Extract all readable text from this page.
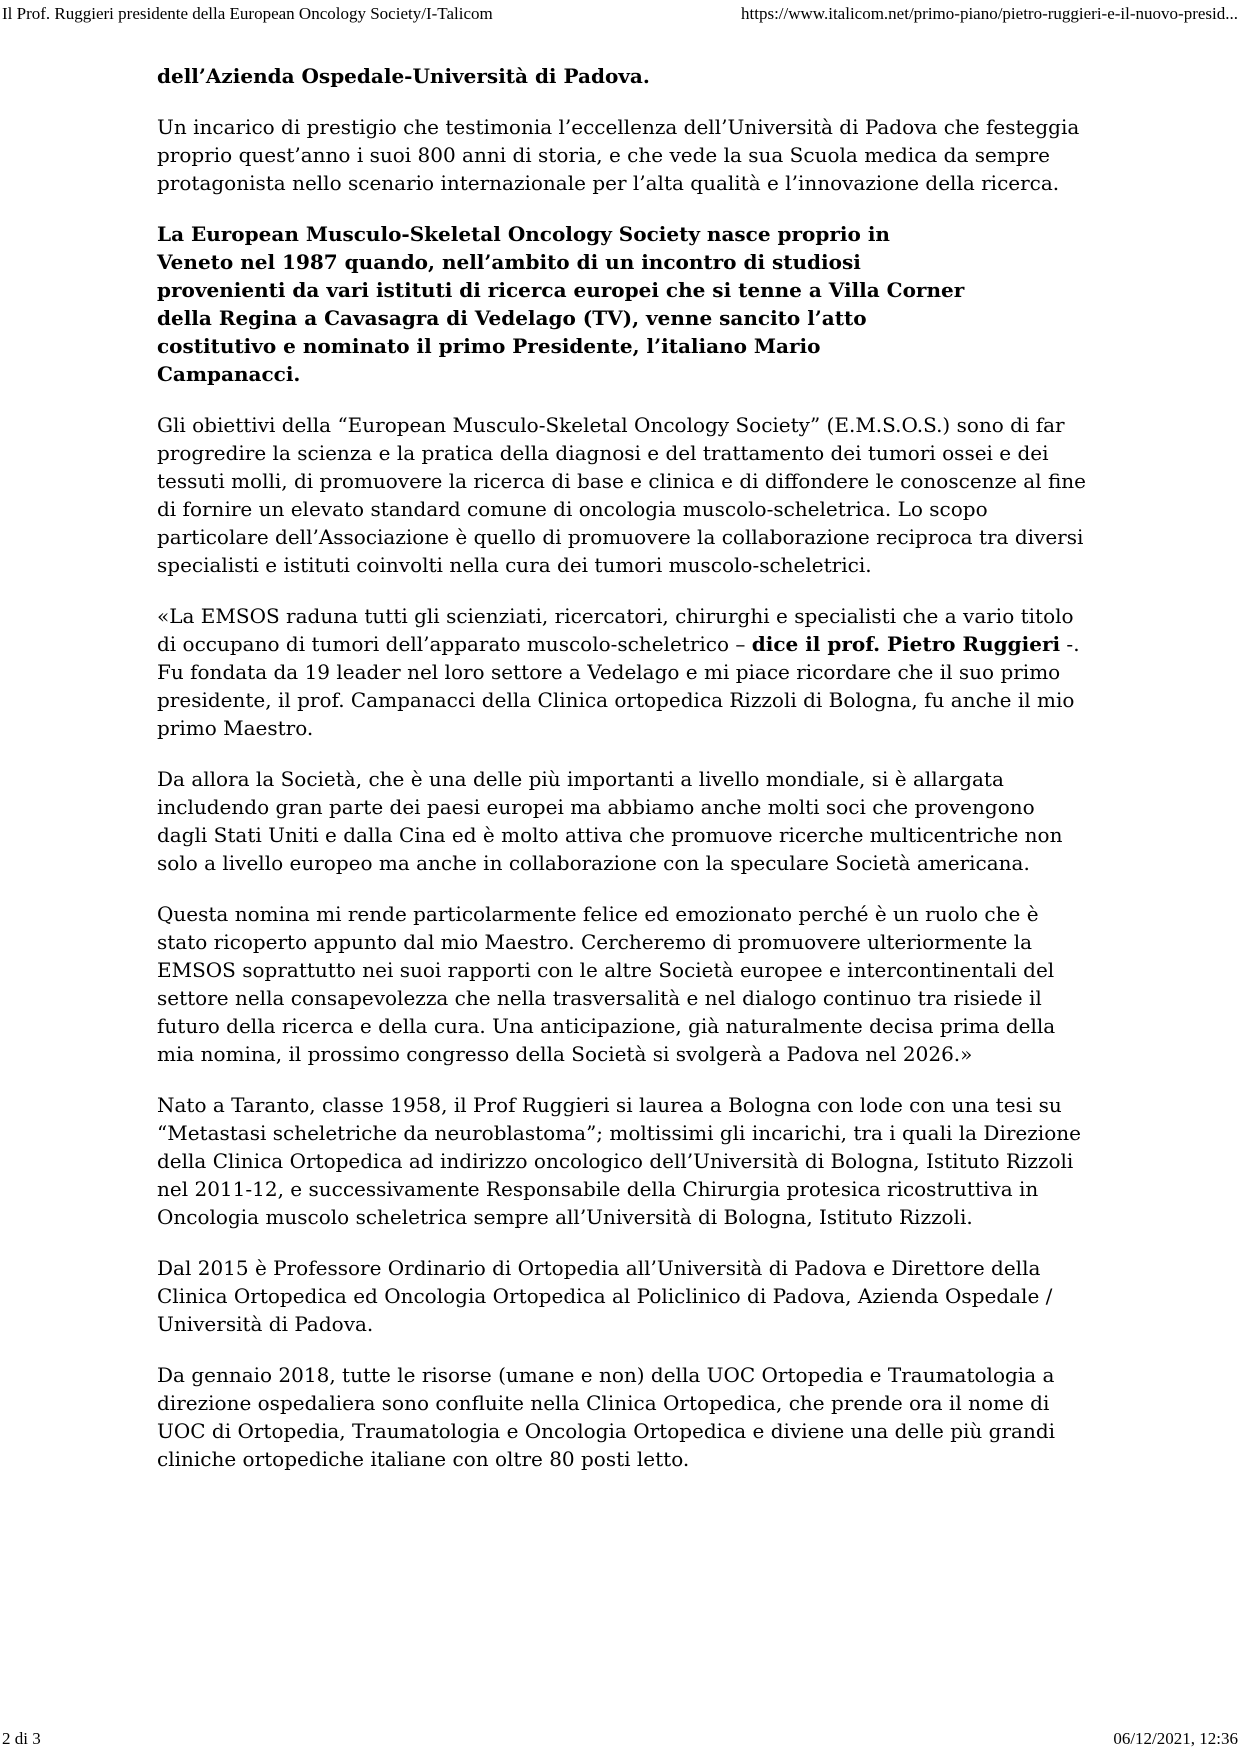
Il Prof. Ruggieri presidente della European Oncology Society/I-Talicom	https://www.italicom.net/primo-piano/pietro-ruggieri-e-il-nuovo-presid...

dell’Azienda Ospedale-Università di Padova.

Un incarico di prestigio che testimonia l’eccellenza dell’Università di Padova che festeggia proprio quest’anno i suoi 800 anni di storia, e che vede la sua Scuola medica da sempre protagonista nello scenario internazionale per l’alta qualità e l’innovazione della ricerca.

La European Musculo-Skeletal Oncology Society nasce proprio in Veneto nel 1987 quando, nell’ambito di un incontro di studiosi provenienti da vari istituti di ricerca europei che si tenne a Villa Corner della Regina a Cavasagra di Vedelago (TV), venne sancito l’atto costitutivo e nominato il primo Presidente, l’italiano Mario Campanacci.

Gli obiettivi della “European Musculo-Skeletal Oncology Society” (E.M.S.O.S.) sono di far progredire la scienza e la pratica della diagnosi e del trattamento dei tumori ossei e dei tessuti molli, di promuovere la ricerca di base e clinica e di diffondere le conoscenze al fine di fornire un elevato standard comune di oncologia muscolo-scheletrica. Lo scopo particolare dell’Associazione è quello di promuovere la collaborazione reciproca tra diversi specialisti e istituti coinvolti nella cura dei tumori muscolo-scheletrici.

«La EMSOS raduna tutti gli scienziati, ricercatori, chirurghi e specialisti che a vario titolo di occupano di tumori dell’apparato muscolo-scheletrico – dice il prof. Pietro Ruggieri -. Fu fondata da 19 leader nel loro settore a Vedelago e mi piace ricordare che il suo primo presidente, il prof. Campanacci della Clinica ortopedica Rizzoli di Bologna, fu anche il mio primo Maestro.

Da allora la Società, che è una delle più importanti a livello mondiale, si è allargata includendo gran parte dei paesi europei ma abbiamo anche molti soci che provengono dagli Stati Uniti e dalla Cina ed è molto attiva che promuove ricerche multicentriche non solo a livello europeo ma anche in collaborazione con la speculare Società americana.

Questa nomina mi rende particolarmente felice ed emozionato perché è un ruolo che è stato ricoperto appunto dal mio Maestro. Cercheremo di promuovere ulteriormente la EMSOS soprattutto nei suoi rapporti con le altre Società europee e intercontinentali del settore nella consapevolezza che nella trasversalità e nel dialogo continuo tra risiede il futuro della ricerca e della cura. Una anticipazione, già naturalmente decisa prima della mia nomina, il prossimo congresso della Società si svolgerà a Padova nel 2026.»

Nato a Taranto, classe 1958, il Prof Ruggieri si laurea a Bologna con lode con una tesi su “Metastasi scheletriche da neuroblastoma”; moltissimi gli incarichi, tra i quali la Direzione della Clinica Ortopedica ad indirizzo oncologico dell’Università di Bologna, Istituto Rizzoli nel 2011-12, e successivamente Responsabile della Chirurgia protesica ricostruttiva in Oncologia muscolo scheletrica sempre all’Università di Bologna, Istituto Rizzoli.

Dal 2015 è Professore Ordinario di Ortopedia all’Università di Padova e Direttore della Clinica Ortopedica ed Oncologia Ortopedica al Policlinico di Padova, Azienda Ospedale / Università di Padova.

Da gennaio 2018, tutte le risorse (umane e non) della UOC Ortopedia e Traumatologia a direzione ospedaliera sono confluite nella Clinica Ortopedica, che prende ora il nome di UOC di Ortopedia, Traumatologia e Oncologia Ortopedica e diviene una delle più grandi cliniche ortopediche italiane con oltre 80 posti letto.

2 di 3	06/12/2021, 12:36
